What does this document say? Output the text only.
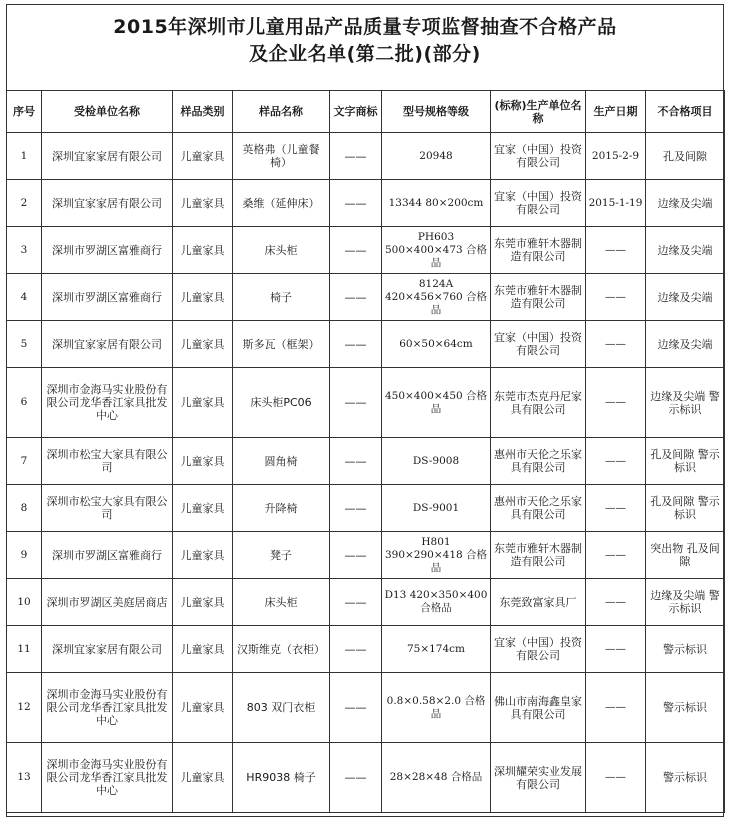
2015年深圳市儿童用品产品质量专项监督抽查不合格产品
及企业名单(第二批)(部分)
序号	受检单位名称	样品类别	样品名称	文字商标	型号规格等级	(标称)生产单位名称	生产日期	不合格项目
1	深圳宜家家居有限公司	儿童家具	英格弗（儿童餐椅）	——	20948	宜家（中国）投资有限公司	2015-2-9	孔及间隙
2	深圳宜家家居有限公司	儿童家具	桑维（延伸床）	——	13344 80×200cm	宜家（中国）投资有限公司	2015-1-19	边缘及尖端
3	深圳市罗湖区富雅商行	儿童家具	床头柜	——	PH603 500×400×473 合格品	东莞市雅轩木器制造有限公司	——	边缘及尖端
4	深圳市罗湖区富雅商行	儿童家具	椅子	——	8124A 420×456×760 合格品	东莞市雅轩木器制造有限公司	——	边缘及尖端
5	深圳宜家家居有限公司	儿童家具	斯多瓦（框架）	——	60×50×64cm	宜家（中国）投资有限公司	——	边缘及尖端
6	深圳市金海马实业股份有限公司龙华香江家具批发中心	儿童家具	床头柜PC06	——	450×400×450 合格品	东莞市杰克丹尼家具有限公司	——	边缘及尖端 警示标识
7	深圳市松宝大家具有限公司	儿童家具	圆角椅	——	DS-9008	惠州市天伦之乐家具有限公司	——	孔及间隙 警示标识
8	深圳市松宝大家具有限公司	儿童家具	升降椅	——	DS-9001	惠州市天伦之乐家具有限公司	——	孔及间隙 警示标识
9	深圳市罗湖区富雅商行	儿童家具	凳子	——	H801 390×290×418 合格品	东莞市雅轩木器制造有限公司	——	突出物 孔及间隙
10	深圳市罗湖区美庭居商店	儿童家具	床头柜	——	D13 420×350×400 合格品	东莞致富家具厂	——	边缘及尖端 警示标识
11	深圳宜家家居有限公司	儿童家具	汉斯维克（衣柜）	——	75×174cm	宜家（中国）投资有限公司	——	警示标识
12	深圳市金海马实业股份有限公司龙华香江家具批发中心	儿童家具	803 双门衣柜	——	0.8×0.58×2.0 合格品	佛山市南海鑫皇家具有限公司	——	警示标识
13	深圳市金海马实业股份有限公司龙华香江家具批发中心	儿童家具	HR9038 椅子	——	28×28×48 合格品	深圳耀荣实业发展有限公司	——	警示标识
